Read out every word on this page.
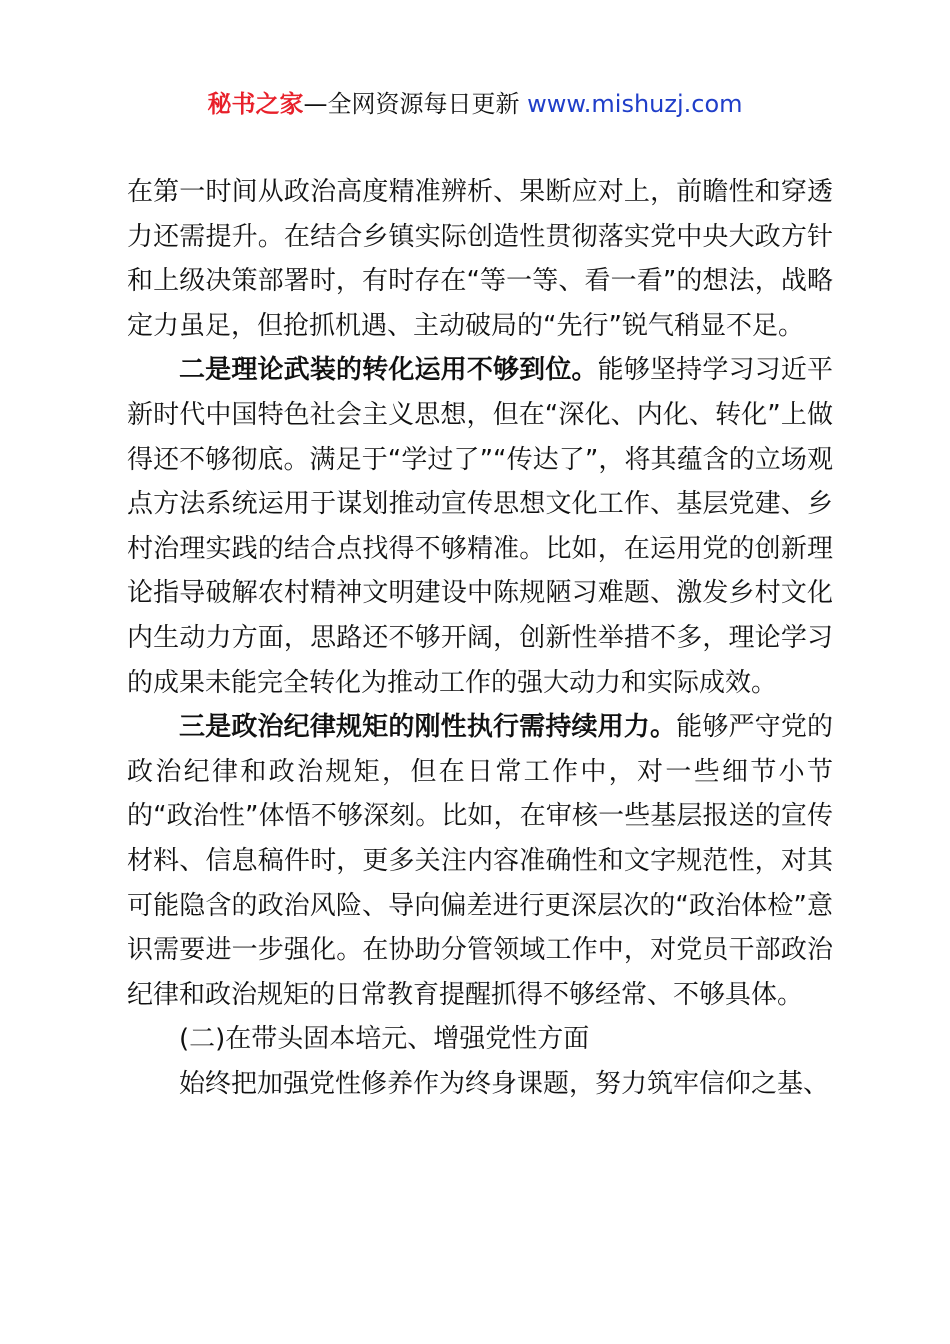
秘书之家—全网资源每日更新 www.mishuzj.com

在第一时间从政治高度精准辨析、果断应对上，前瞻性和穿透力还需提升。在结合乡镇实际创造性贯彻落实党中央大政方针和上级决策部署时，有时存在“等一等、看一看”的想法，战略定力虽足，但抢抓机遇、主动破局的“先行”锐气稍显不足。

二是理论武装的转化运用不够到位。能够坚持学习习近平新时代中国特色社会主义思想，但在“深化、内化、转化”上做得还不够彻底。满足于“学过了”“传达了”，将其蕴含的立场观点方法系统运用于谋划推动宣传思想文化工作、基层党建、乡村治理实践的结合点找得不够精准。比如，在运用党的创新理论指导破解农村精神文明建设中陈规陋习难题、激发乡村文化内生动力方面，思路还不够开阔，创新性举措不多，理论学习的成果未能完全转化为推动工作的强大动力和实际成效。

三是政治纪律规矩的刚性执行需持续用力。能够严守党的政治纪律和政治规矩，但在日常工作中，对一些细节小节的“政治性”体悟不够深刻。比如，在审核一些基层报送的宣传材料、信息稿件时，更多关注内容准确性和文字规范性，对其可能隐含的政治风险、导向偏差进行更深层次的“政治体检”意识需要进一步强化。在协助分管领域工作中，对党员干部政治纪律和政治规矩的日常教育提醒抓得不够经常、不够具体。

(二)在带头固本培元、增强党性方面

始终把加强党性修养作为终身课题，努力筑牢信仰之基、
